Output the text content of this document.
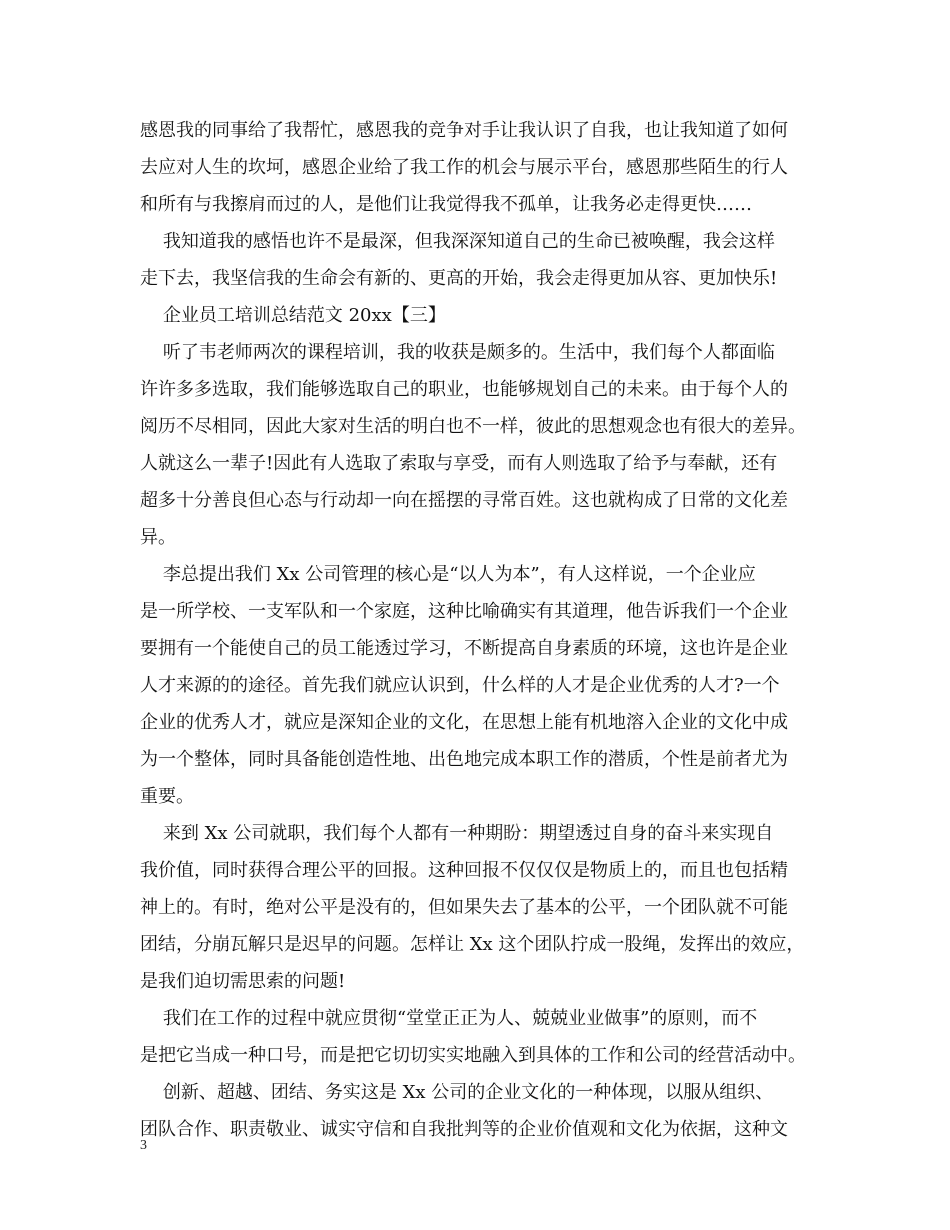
感恩我的同事给了我帮忙，感恩我的竞争对手让我认识了自我，也让我知道了如何
去应对人生的坎坷，感恩企业给了我工作的机会与展示平台，感恩那些陌生的行人
和所有与我擦肩而过的人，是他们让我觉得我不孤单，让我务必走得更快……
我知道我的感悟也许不是最深，但我深深知道自己的生命已被唤醒，我会这样
走下去，我坚信我的生命会有新的、更高的开始，我会走得更加从容、更加快乐!
企业员工培训总结范文 20xx【三】
听了韦老师两次的课程培训，我的收获是颇多的。生活中，我们每个人都面临
许许多多选取，我们能够选取自己的职业，也能够规划自己的未来。由于每个人的
阅历不尽相同，因此大家对生活的明白也不一样，彼此的思想观念也有很大的差异。
人就这么一辈子!因此有人选取了索取与享受，而有人则选取了给予与奉献，还有
超多十分善良但心态与行动却一向在摇摆的寻常百姓。这也就构成了日常的文化差
异。
李总提出我们 Xx 公司管理的核心是“以人为本”，有人这样说，一个企业应
是一所学校、一支军队和一个家庭，这种比喻确实有其道理，他告诉我们一个企业
要拥有一个能使自己的员工能透过学习，不断提高自身素质的环境，这也许是企业
人才来源的的途径。首先我们就应认识到，什么样的人才是企业优秀的人才?一个
企业的优秀人才，就应是深知企业的文化，在思想上能有机地溶入企业的文化中成
为一个整体，同时具备能创造性地、出色地完成本职工作的潜质，个性是前者尤为
重要。
来到 Xx 公司就职，我们每个人都有一种期盼：期望透过自身的奋斗来实现自
我价值，同时获得合理公平的回报。这种回报不仅仅仅是物质上的，而且也包括精
神上的。有时，绝对公平是没有的，但如果失去了基本的公平，一个团队就不可能
团结，分崩瓦解只是迟早的问题。怎样让 Xx 这个团队拧成一股绳，发挥出的效应，
是我们迫切需思索的问题!
我们在工作的过程中就应贯彻“堂堂正正为人、兢兢业业做事”的原则，而不
是把它当成一种口号，而是把它切切实实地融入到具体的工作和公司的经营活动中。
创新、超越、团结、务实这是 Xx 公司的企业文化的一种体现，以服从组织、
团队合作、职责敬业、诚实守信和自我批判等的企业价值观和文化为依据，这种文
3
